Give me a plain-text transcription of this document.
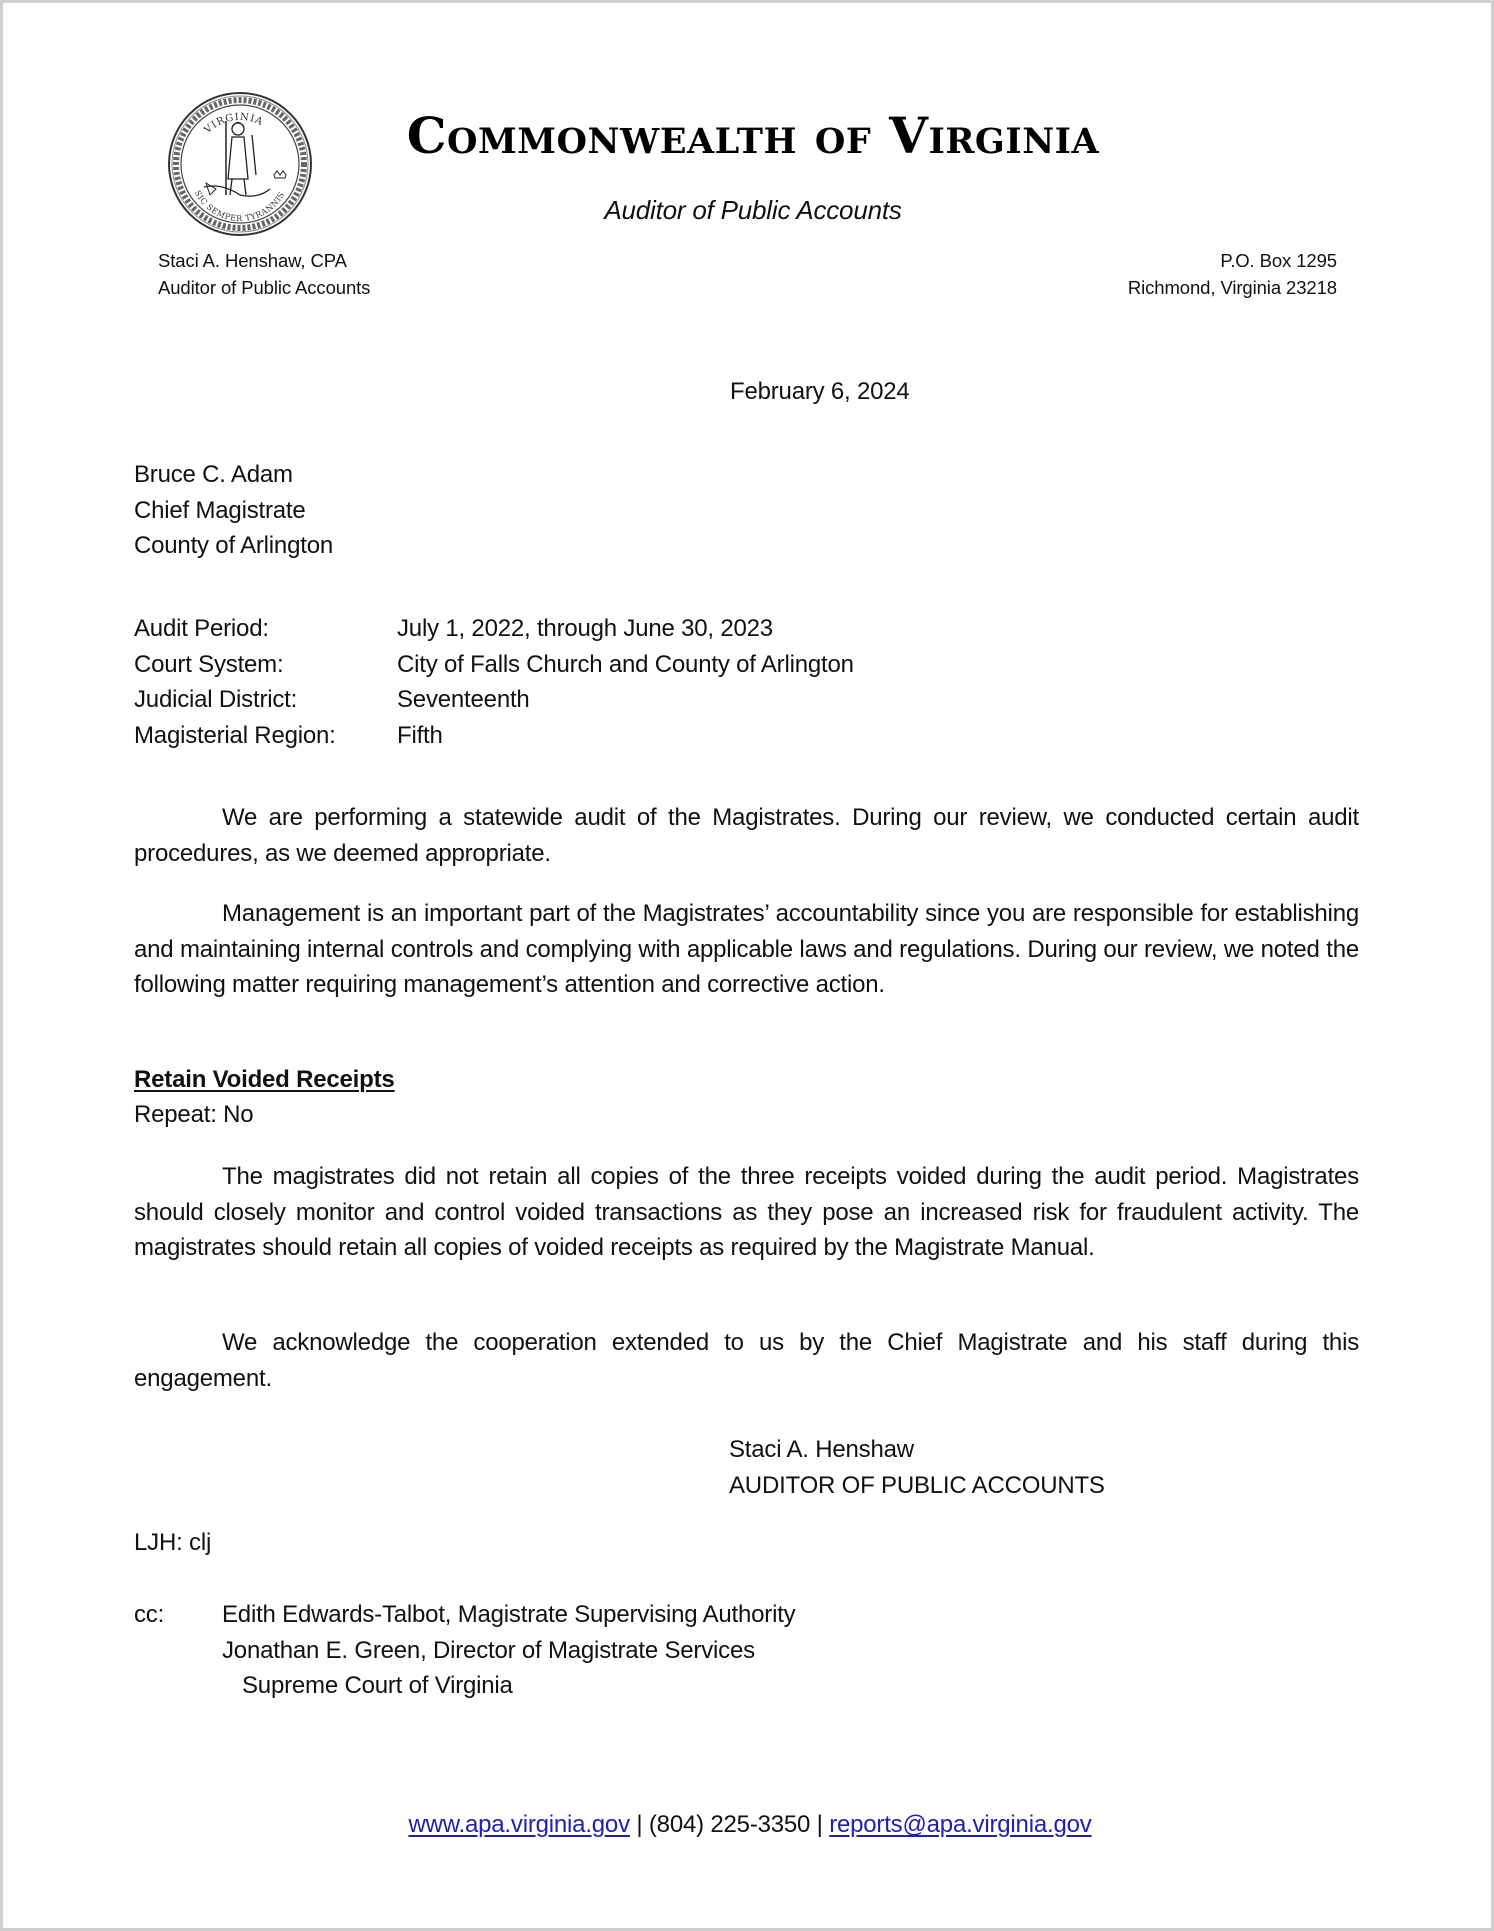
VIRGINIA
SIC SEMPER TYRANNIS
Commonwealth of Virginia
Auditor of Public Accounts
Staci A. Henshaw, CPA
Auditor of Public Accounts
P.O. Box 1295
Richmond, Virginia 23218
February 6, 2024
Bruce C. Adam
Chief Magistrate
County of Arlington
Audit Period:	July 1, 2022, through June 30, 2023
Court System:	City of Falls Church and County of Arlington
Judicial District:	Seventeenth
Magisterial Region:	Fifth
We are performing a statewide audit of the Magistrates. During our review, we conducted certain audit procedures, as we deemed appropriate.
Management is an important part of the Magistrates’ accountability since you are responsible for establishing and maintaining internal controls and complying with applicable laws and regulations. During our review, we noted the following matter requiring management’s attention and corrective action.
Retain Voided Receipts
Repeat: No
The magistrates did not retain all copies of the three receipts voided during the audit period. Magistrates should closely monitor and control voided transactions as they pose an increased risk for fraudulent activity. The magistrates should retain all copies of voided receipts as required by the Magistrate Manual.
We acknowledge the cooperation extended to us by the Chief Magistrate and his staff during this engagement.
Staci A. Henshaw
AUDITOR OF PUBLIC ACCOUNTS
LJH: clj
cc:	Edith Edwards-Talbot, Magistrate Supervising Authority
Jonathan E. Green, Director of Magistrate Services
Supreme Court of Virginia
www.apa.virginia.gov | (804) 225-3350 | reports@apa.virginia.gov
